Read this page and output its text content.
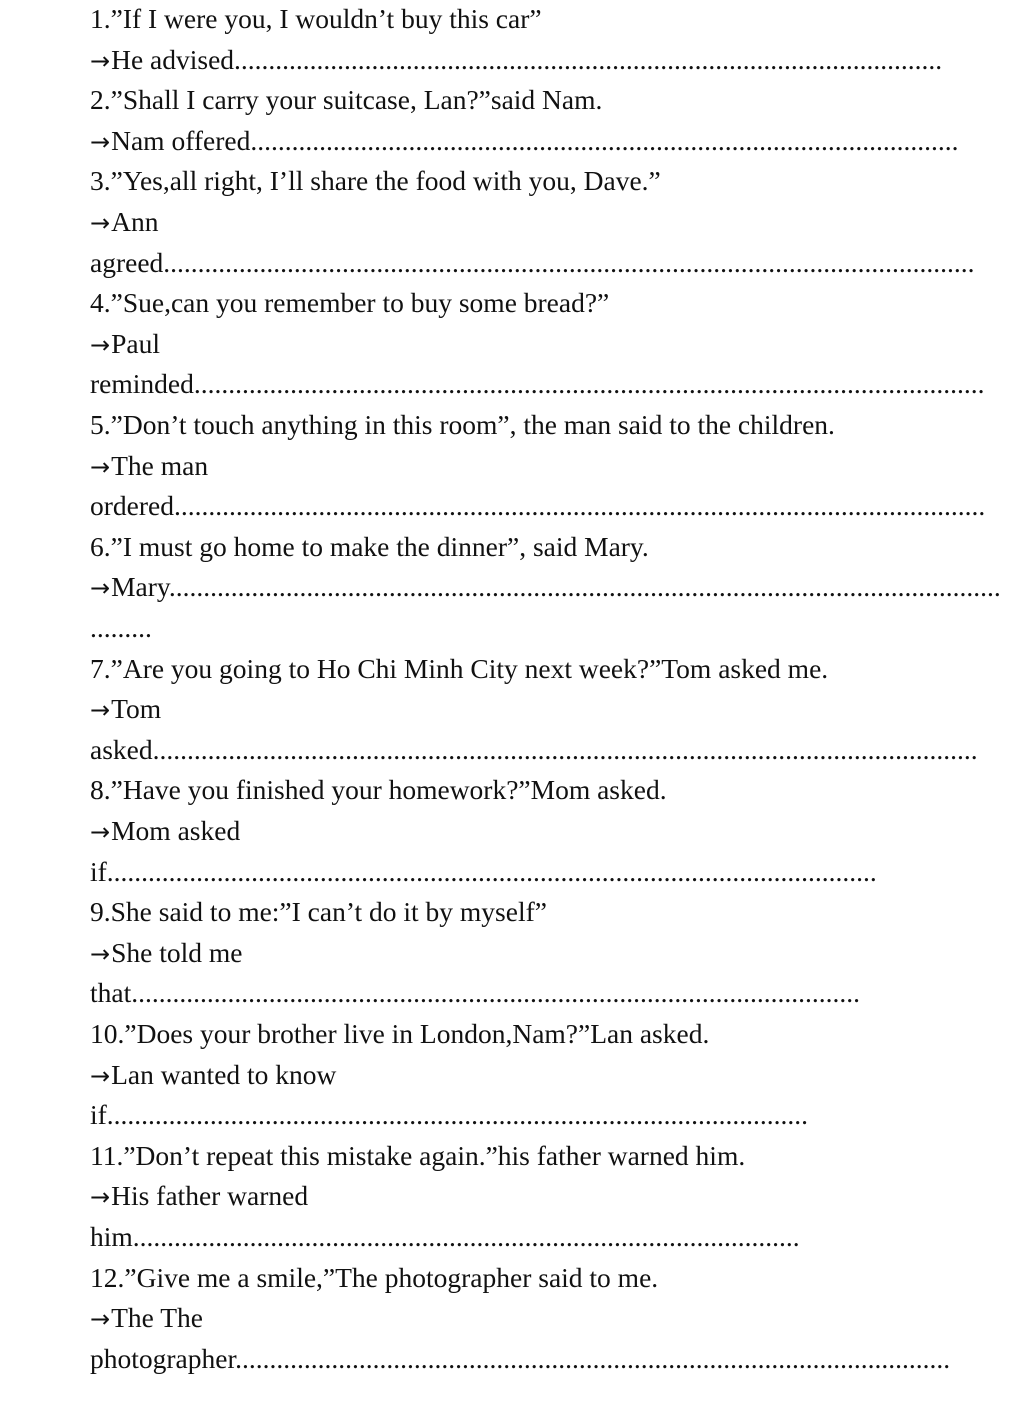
1.”If I were you, I wouldn’t buy this car”
→He advised.......................................................................................................
2.”Shall I carry your suitcase, Lan?”said Nam.
→Nam offered.......................................................................................................
3.”Yes,all right, I’ll share the food with you, Dave.”
→Ann
agreed......................................................................................................................
4.”Sue,can you remember to buy some bread?”
→Paul
reminded...................................................................................................................
5.”Don’t touch anything in this room”, the man said to the children.
→The man
ordered......................................................................................................................
6.”I must go home to make the dinner”, said Mary.
→Mary.........................................................................................................................
.........
7.”Are you going to Ho Chi Minh City next week?”Tom asked me.
→Tom
asked........................................................................................................................
8.”Have you finished your homework?”Mom asked.
→Mom asked
if................................................................................................................
9.She said to me:”I can’t do it by myself”
→She told me
that..........................................................................................................
10.”Does your brother live in London,Nam?”Lan asked.
→Lan wanted to know
if......................................................................................................
11.”Don’t repeat this mistake again.”his father warned him.
→His father warned
him.................................................................................................
12.”Give me a smile,”The photographer said to me.
→The The
photographer........................................................................................................
